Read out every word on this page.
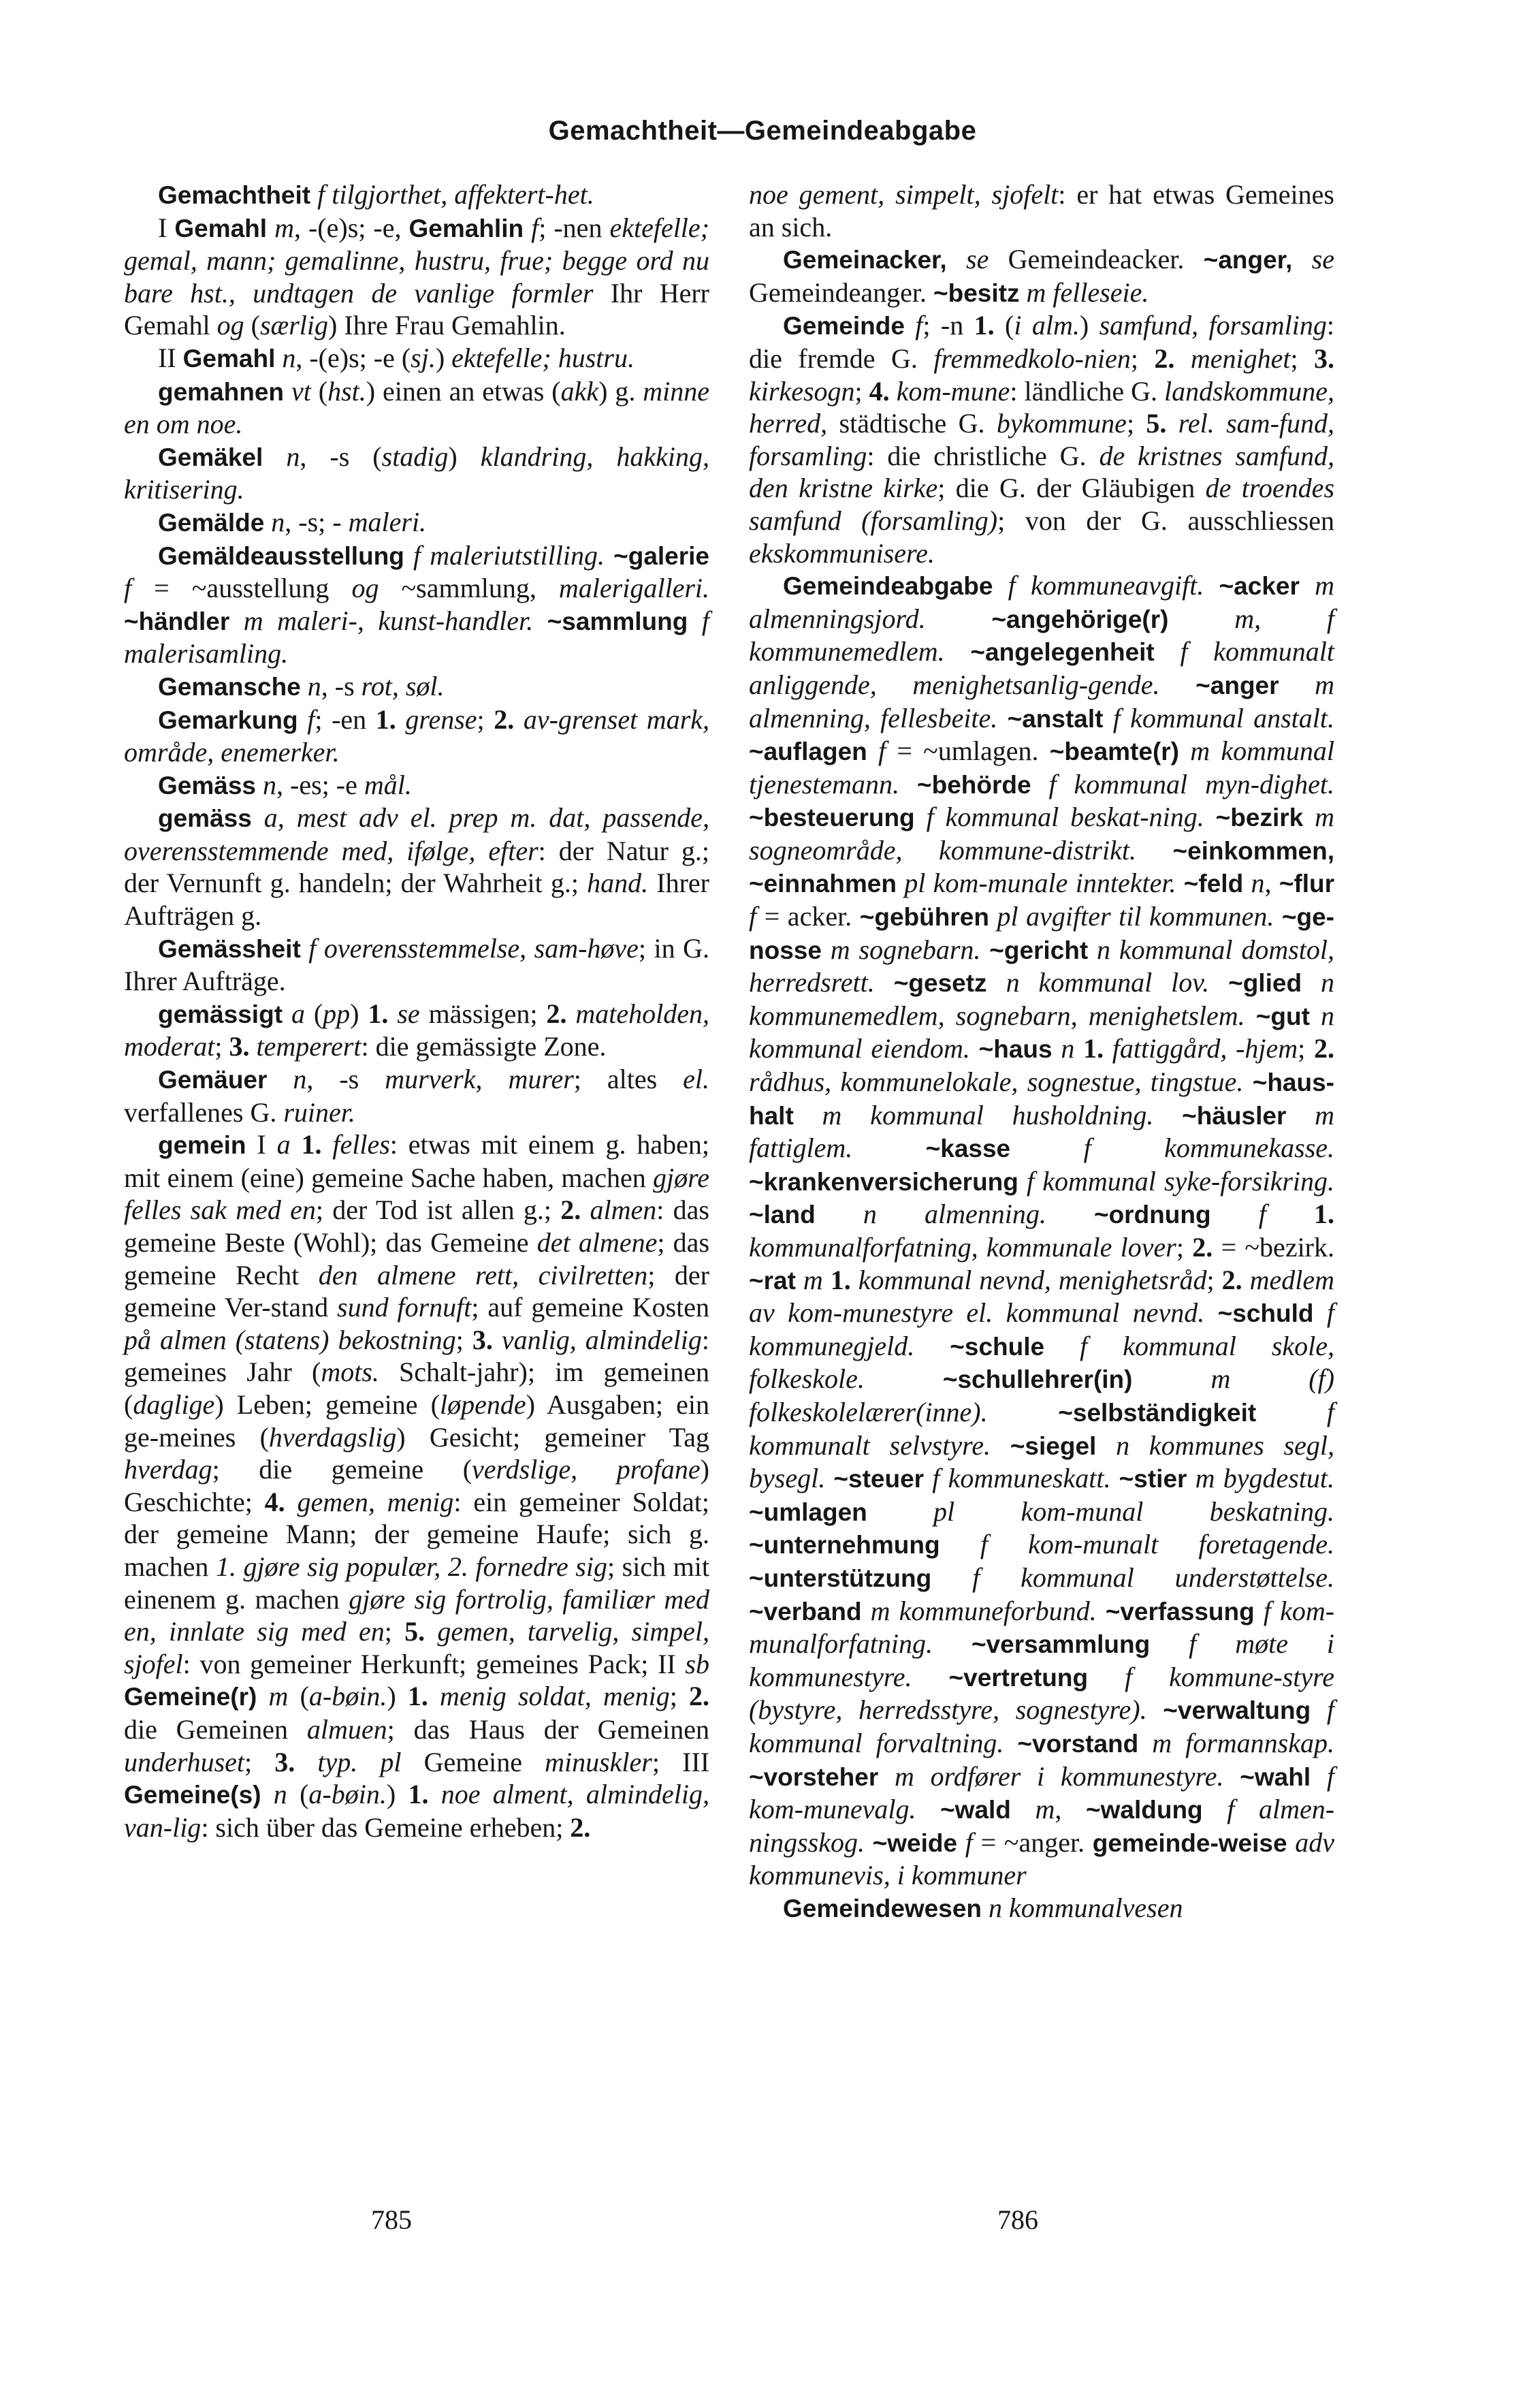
Gemachtheit—Gemeindeabgabe

Gemachtheit f tilgjorthet, affektert-het.

I Gemahl m, -(e)s; -e, Gemahlin f; -nen ektefelle; gemal, mann; gemalinne, hustru, frue; begge ord nu bare hst., undtagen de vanlige formler Ihr Herr Gemahl og (særlig) Ihre Frau Gemahlin.

II Gemahl n, -(e)s; -e (sj.) ektefelle; hustru.

gemahnen vt (hst.) einen an etwas (akk) g. minne en om noe.

Gemäkel n, -s (stadig) klandring, hakking, kritisering.

Gemälde n, -s; - maleri.

Gemäldeausstellung f maleriutstilling. ~galerie f = ~ausstellung og ~sammlung, malerigalleri. ~händler m maleri-, kunst-handler. ~sammlung f malerisamling.

Gemansche n, -s rot, søl.

Gemarkung f; -en 1. grense; 2. av-grenset mark, område, enemerker.

Gemäss n, -es; -e mål.

gemäss a, mest adv el. prep m. dat, passende, overensstemmende med, ifølge, efter: der Natur g.; der Vernunft g. handeln; der Wahrheit g.; hand. Ihrer Aufträgen g.

Gemässheit f overensstemmelse, sam-høve; in G. Ihrer Aufträge.

gemässigt a (pp) 1. se mässigen; 2. mateholden, moderat; 3. temperert: die gemässigte Zone.

Gemäuer n, -s murverk, murer; altes el. verfallenes G. ruiner.

gemein I a 1. felles: etwas mit einem g. haben; mit einem (eine) gemeine Sache haben, machen gjøre felles sak med en; der Tod ist allen g.; 2. almen: das gemeine Beste (Wohl); das Gemeine det almene; das gemeine Recht den almene rett, civilretten; der gemeine Ver-stand sund fornuft; auf gemeine Kosten på almen (statens) bekostning; 3. vanlig, almindelig: gemeines Jahr (mots. Schalt-jahr); im gemeinen (daglige) Leben; gemeine (løpende) Ausgaben; ein ge-meines (hverdagslig) Gesicht; gemeiner Tag hverdag; die gemeine (verdslige, profane) Geschichte; 4. gemen, menig: ein gemeiner Soldat; der gemeine Mann; der gemeine Haufe; sich g. machen 1. gjøre sig populær, 2. fornedre sig; sich mit einenem g. machen gjøre sig fortrolig, familiær med en, innlate sig med en; 5. gemen, tarvelig, simpel, sjofel: von gemeiner Herkunft; gemeines Pack; II sb Gemeine(r) m (a-bøin.) 1. menig soldat, menig; 2. die Gemeinen almuen; das Haus der Gemeinen underhuset; 3. typ. pl Gemeine minuskler; III Gemeine(s) n (a-bøin.) 1. noe alment, almindelig, van-lig: sich über das Gemeine erheben; 2.

noe gement, simpelt, sjofelt: er hat etwas Gemeines an sich.

Gemeinacker, se Gemeindeacker. ~anger, se Gemeindeanger. ~besitz m felleseie.

Gemeinde f; -n 1. (i alm.) samfund, forsamling: die fremde G. fremmedkolo-nien; 2. menighet; 3. kirkesogn; 4. kom-mune: ländliche G. landskommune, herred, städtische G. bykommune; 5. rel. sam-fund, forsamling: die christliche G. de kristnes samfund, den kristne kirke; die G. der Gläubigen de troendes samfund (forsamling); von der G. ausschliessen ekskommunisere.

Gemeindeabgabe f kommuneavgift. ~acker m almenningsjord.	~angehörige(r) m, f kommunemedlem. ~angelegenheit f kommunalt anliggende, menighetsanlig-gende. ~anger m almenning, fellesbeite. ~anstalt f kommunal anstalt. ~auflagen f = ~umlagen. ~beamte(r) m kommunal tjenestemann. ~behörde f kommunal myn-dighet. ~besteuerung f kommunal beskat-ning. ~bezirk m sogneområde, kommune-distrikt. ~einkommen, ~einnahmen pl kom-munale inntekter. ~feld n, ~flur f = acker. ~gebühren pl avgifter til kommunen. ~ge-nosse m sognebarn. ~gericht n kommunal domstol, herredsrett. ~gesetz n kommunal lov. ~glied n kommunemedlem, sognebarn, menighetslem. ~gut n kommunal eiendom. ~haus n 1. fattiggård, -hjem; 2. rådhus, kommunelokale, sognestue, tingstue. ~haus-halt m kommunal husholdning. ~häusler m fattiglem.	~kasse	f kommunekasse. ~krankenversicherung f kommunal syke-forsikring. ~land n almenning. ~ordnung f 1. kommunalforfatning, kommunale lover; 2. = ~bezirk. ~rat m 1. kommunal nevnd, menighetsråd; 2. medlem av kom-munestyre el. kommunal nevnd. ~schuld f kommunegjeld. ~schule f kommunal skole, folkeskole.	~schullehrer(in)	m (f) folkeskolelærer(inne).	~selbständigkeit	f kommunalt selvstyre. ~siegel n kommunes segl, bysegl. ~steuer f kommuneskatt. ~stier m bygdestut. ~umlagen pl kom-munal beskatning. ~unternehmung f kom-munalt foretagende. ~unterstützung f kommunal understøttelse. ~verband m kommuneforbund. ~verfassung f kom-munalforfatning. ~versammlung f møte i kommunestyre. ~vertretung f kommune-styre (bystyre, herredsstyre, sognestyre). ~verwaltung f kommunal forvaltning. ~vorstand m formannskap. ~vorsteher m ordfører i kommunestyre. ~wahl f kom-munevalg. ~wald m, ~waldung f almen-ningsskog. ~weide f = ~anger. gemeinde-weise adv kommunevis, i kommuner

Gemeindewesen n kommunalvesen

785	786
